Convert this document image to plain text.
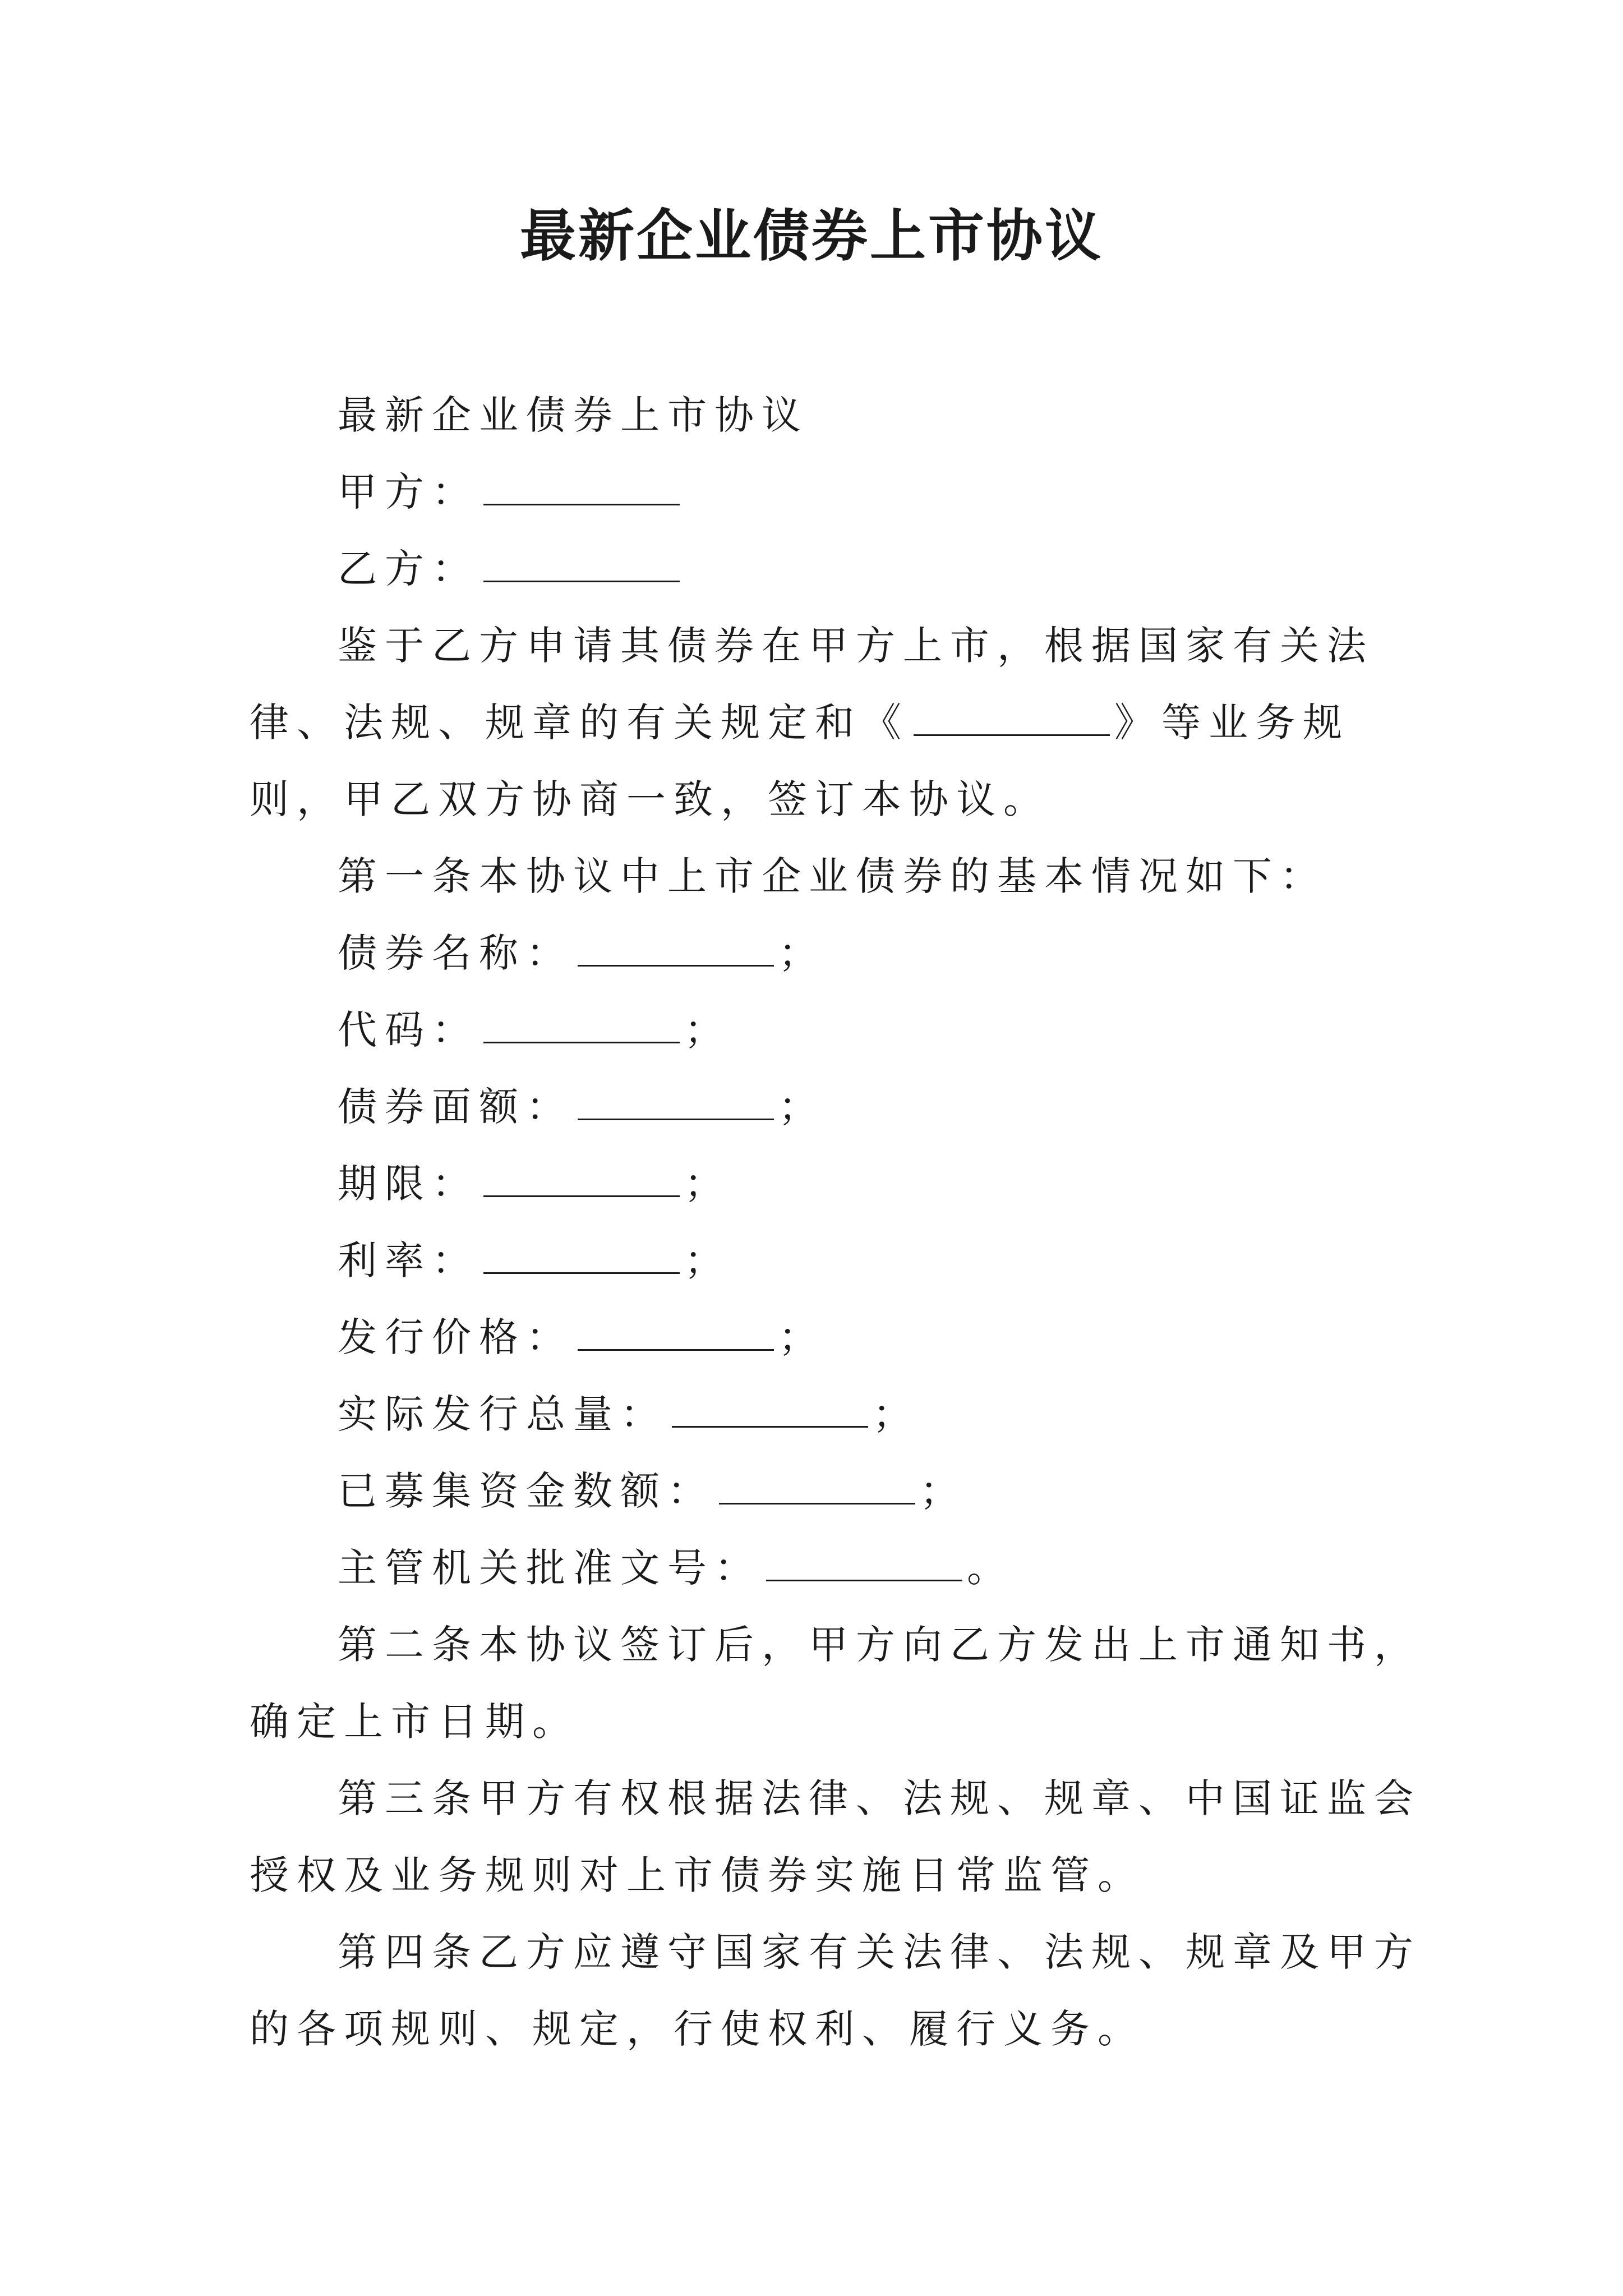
最新企业债券上市协议

最新企业债券上市协议

甲方：

乙方：

鉴于乙方申请其债券在甲方上市，根据国家有关法律、法规、规章的有关规定和《	》等业务规则，甲乙双方协商一致，签订本协议。

第一条本协议中上市企业债券的基本情况如下：

债券名称：	；

代码：	；

债券面额：	；

期限：	；

利率：	；

发行价格：	；

实际发行总量：	；

已募集资金数额：	；

主管机关批准文号：	。

第二条本协议签订后，甲方向乙方发出上市通知书，确定上市日期。

第三条甲方有权根据法律、法规、规章、中国证监会授权及业务规则对上市债券实施日常监管。

第四条乙方应遵守国家有关法律、法规、规章及甲方的各项规则、规定，行使权利、履行义务。
